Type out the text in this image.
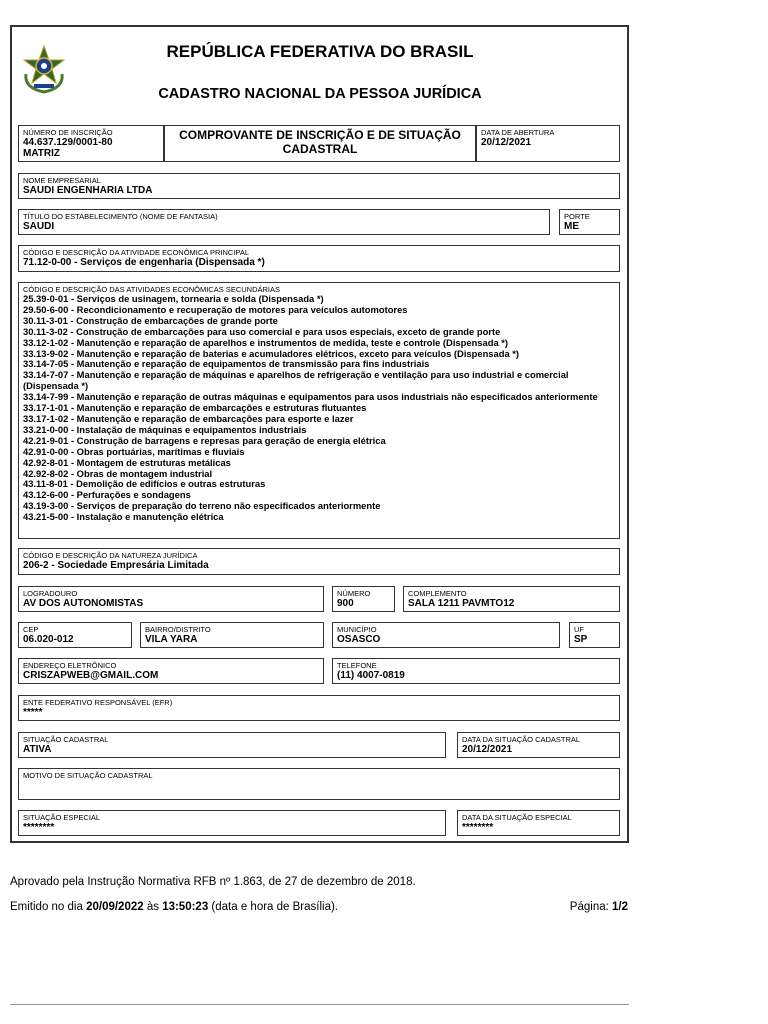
REPÚBLICA FEDERATIVA DO BRASIL
CADASTRO NACIONAL DA PESSOA JURÍDICA
NÚMERO DE INSCRIÇÃO
44.637.129/0001-80
MATRIZ
COMPROVANTE DE INSCRIÇÃO E DE SITUAÇÃO
CADASTRAL
DATA DE ABERTURA
20/12/2021
NOME EMPRESARIAL
SAUDI ENGENHARIA LTDA
TÍTULO DO ESTABELECIMENTO (NOME DE FANTASIA)
SAUDI
PORTE
ME
CÓDIGO E DESCRIÇÃO DA ATIVIDADE ECONÔMICA PRINCIPAL
71.12-0-00 - Serviços de engenharia (Dispensada *)
CÓDIGO E DESCRIÇÃO DAS ATIVIDADES ECONÔMICAS SECUNDÁRIAS
25.39-0-01 - Serviços de usinagem, tornearia e solda (Dispensada *)
29.50-6-00 - Recondicionamento e recuperação de motores para veículos automotores
30.11-3-01 - Construção de embarcações de grande porte
30.11-3-02 - Construção de embarcações para uso comercial e para usos especiais, exceto de grande porte
33.12-1-02 - Manutenção e reparação de aparelhos e instrumentos de medida, teste e controle (Dispensada *)
33.13-9-02 - Manutenção e reparação de baterias e acumuladores elétricos, exceto para veículos (Dispensada *)
33.14-7-05 - Manutenção e reparação de equipamentos de transmissão para fins industriais
33.14-7-07 - Manutenção e reparação de máquinas e aparelhos de refrigeração e ventilação para uso industrial e comercial (Dispensada *)
33.14-7-99 - Manutenção e reparação de outras máquinas e equipamentos para usos industriais não especificados anteriormente
33.17-1-01 - Manutenção e reparação de embarcações e estruturas flutuantes
33.17-1-02 - Manutenção e reparação de embarcações para esporte e lazer
33.21-0-00 - Instalação de máquinas e equipamentos industriais
42.21-9-01 - Construção de barragens e represas para geração de energia elétrica
42.91-0-00 - Obras portuárias, marítimas e fluviais
42.92-8-01 - Montagem de estruturas metálicas
42.92-8-02 - Obras de montagem industrial
43.11-8-01 - Demolição de edifícios e outras estruturas
43.12-6-00 - Perfurações e sondagens
43.19-3-00 - Serviços de preparação do terreno não especificados anteriormente
43.21-5-00 - Instalação e manutenção elétrica
CÓDIGO E DESCRIÇÃO DA NATUREZA JURÍDICA
206-2 - Sociedade Empresária Limitada
LOGRADOURO
AV DOS AUTONOMISTAS
NÚMERO
900
COMPLEMENTO
SALA 1211 PAVMTO12
CEP
06.020-012
BAIRRO/DISTRITO
VILA YARA
MUNICÍPIO
OSASCO
UF
SP
ENDEREÇO ELETRÔNICO
CRISZAPWEB@GMAIL.COM
TELEFONE
(11) 4007-0819
ENTE FEDERATIVO RESPONSÁVEL (EFR)
*****
SITUAÇÃO CADASTRAL
ATIVA
DATA DA SITUAÇÃO CADASTRAL
20/12/2021
MOTIVO DE SITUAÇÃO CADASTRAL
SITUAÇÃO ESPECIAL
********
DATA DA SITUAÇÃO ESPECIAL
********
Aprovado pela Instrução Normativa RFB nº 1.863, de 27 de dezembro de 2018.
Emitido no dia 20/09/2022 às 13:50:23 (data e hora de Brasília).	Página: 1/2
